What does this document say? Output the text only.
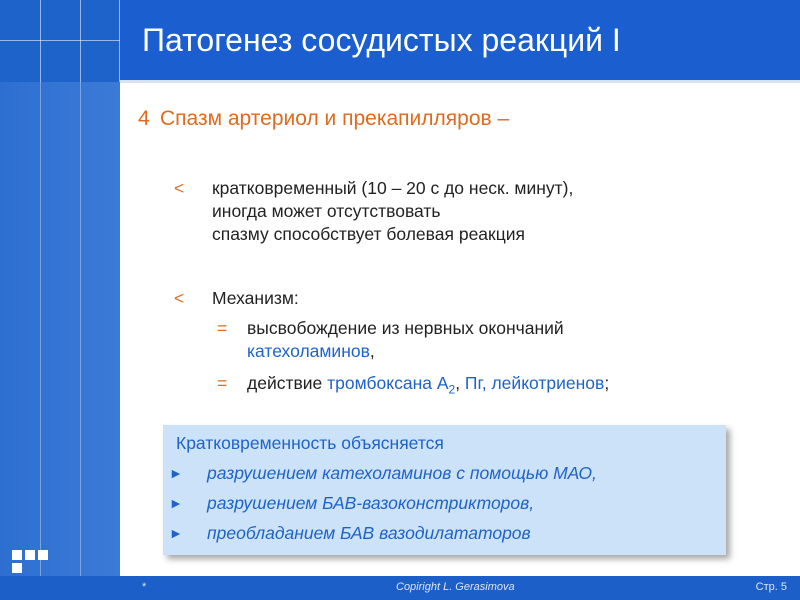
Патогенез сосудистых реакций I
4 Спазм артериол и прекапилляров –
< кратковременный (10 – 20 с до неск. минут),
иногда может отсутствовать
спазму способствует болевая реакция
< Механизм:
= высвобождение из нервных окончаний
катехоламинов,
= действие тромбоксана $А_2$, Пг, лейкотриенов;
Кратковременность объясняется
► разрушением катехоламинов с помощью МАО,
► разрушением БАВ-вазоконстрикторов,
► преобладанием БАВ вазодилататоров
*	Copiright L. Gerasimova	Стр. 5
